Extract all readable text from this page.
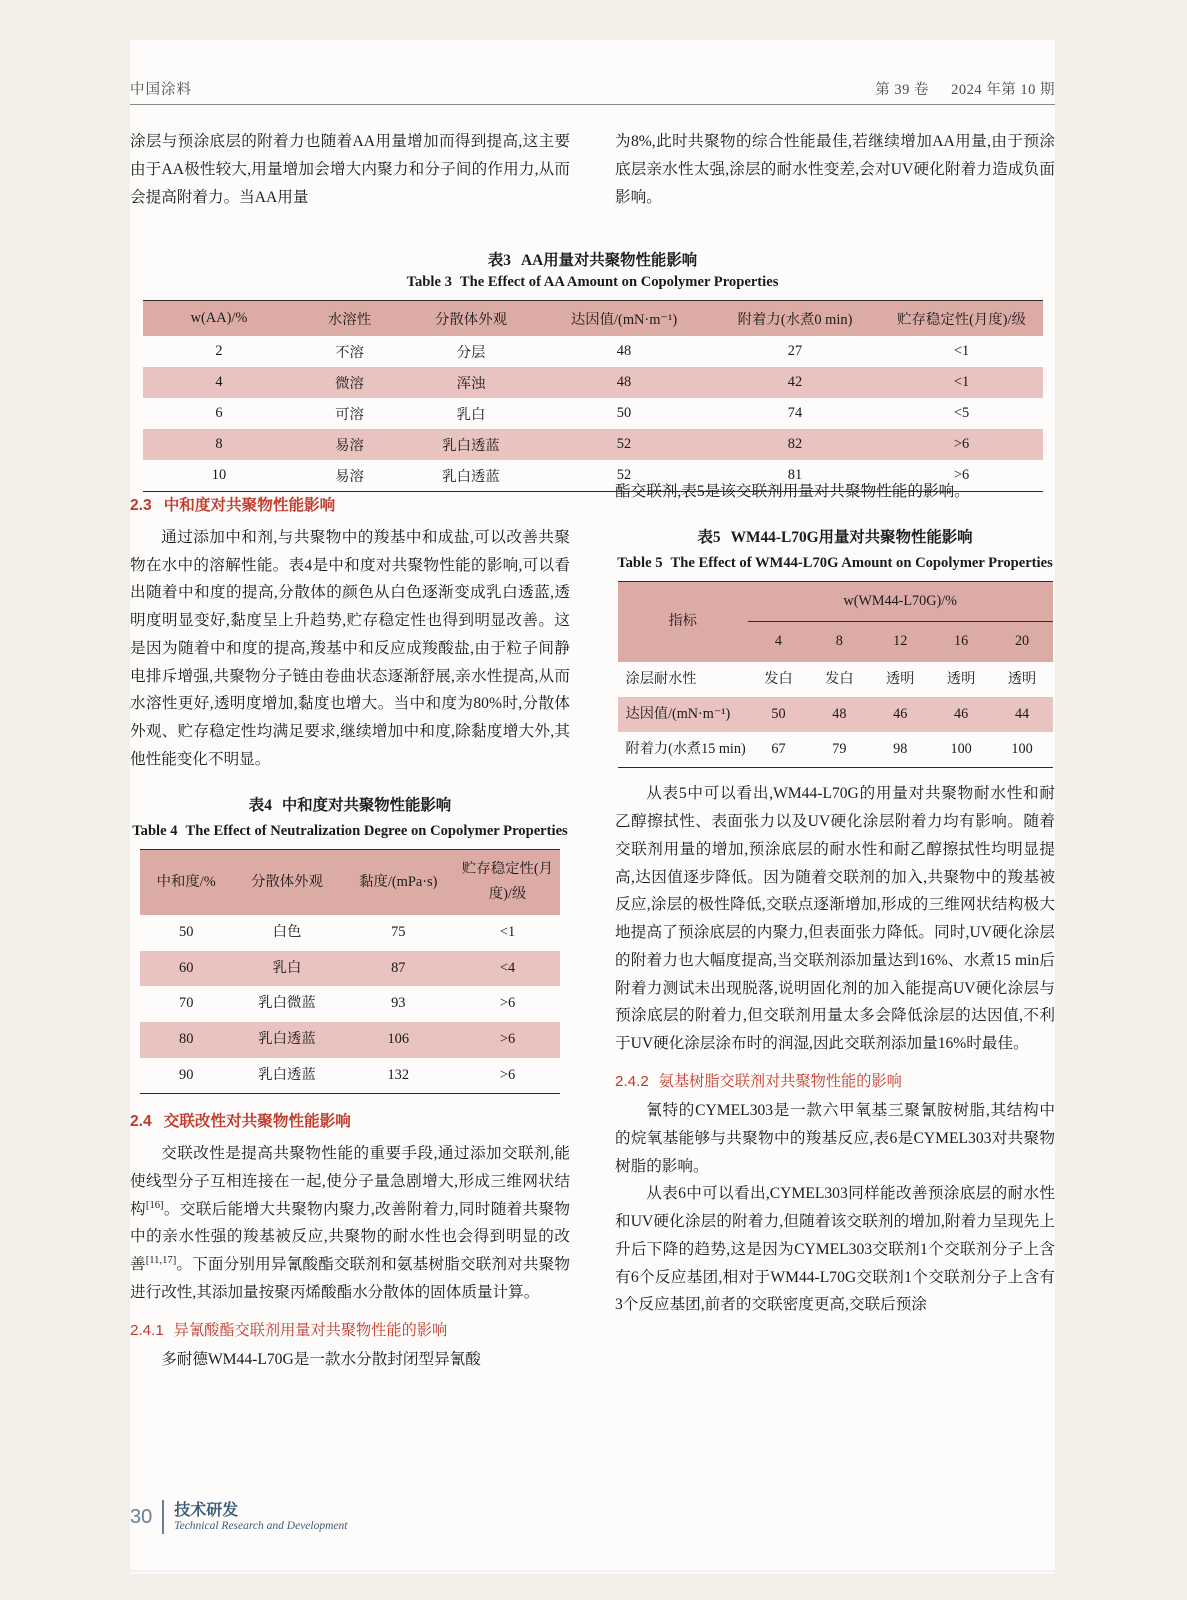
中国涂料	第 39 卷 2024 年第 10 期

涂层与预涂底层的附着力也随着AA用量增加而得到提高,这主要由于AA极性较大,用量增加会增大内聚力和分子间的作用力,从而会提高附着力。当AA用量

为8%,此时共聚物的综合性能最佳,若继续增加AA用量,由于预涂底层亲水性太强,涂层的耐水性变差,会对UV硬化附着力造成负面影响。

表3 AA用量对共聚物性能影响
Table 3 The Effect of AA Amount on Copolymer Properties
w(AA)/%	水溶性	分散体外观	达因值/(mN·m⁻¹)	附着力(水煮0 min)	贮存稳定性(月度)/级
2	不溶	分层	48	27	<1
4	微溶	浑浊	48	42	<1
6	可溶	乳白	50	74	<5
8	易溶	乳白透蓝	52	82	>6
10	易溶	乳白透蓝	52	81	>6
2.3 中和度对共聚物性能影响

通过添加中和剂,与共聚物中的羧基中和成盐,可以改善共聚物在水中的溶解性能。表4是中和度对共聚物性能的影响,可以看出随着中和度的提高,分散体的颜色从白色逐渐变成乳白透蓝,透明度明显变好,黏度呈上升趋势,贮存稳定性也得到明显改善。这是因为随着中和度的提高,羧基中和反应成羧酸盐,由于粒子间静电排斥增强,共聚物分子链由卷曲状态逐渐舒展,亲水性提高,从而水溶性更好,透明度增加,黏度也增大。当中和度为80%时,分散体外观、贮存稳定性均满足要求,继续增加中和度,除黏度增大外,其他性能变化不明显。

表4 中和度对共聚物性能影响
Table 4 The Effect of Neutralization Degree on Copolymer Properties
中和度/%	分散体外观	黏度/(mPa·s)	贮存稳定性(月度)/级
50	白色	75	<1
60	乳白	87	<4
70	乳白微蓝	93	>6
80	乳白透蓝	106	>6
90	乳白透蓝	132	>6
2.4 交联改性对共聚物性能影响

交联改性是提高共聚物性能的重要手段,通过添加交联剂,能使线型分子互相连接在一起,使分子量急剧增大,形成三维网状结构[16]。交联后能增大共聚物内聚力,改善附着力,同时随着共聚物中的亲水性强的羧基被反应,共聚物的耐水性也会得到明显的改善[11,17]。下面分别用异氰酸酯交联剂和氨基树脂交联剂对共聚物进行改性,其添加量按聚丙烯酸酯水分散体的固体质量计算。

2.4.1 异氰酸酯交联剂用量对共聚物性能的影响

多耐德WM44-L70G是一款水分散封闭型异氰酸

酯交联剂,表5是该交联剂用量对共聚物性能的影响。

表5 WM44-L70G用量对共聚物性能影响
Table 5 The Effect of WM44-L70G Amount on Copolymer Properties
指标	w(WM44-L70G)/%				
	4	8	12	16	20
涂层耐水性	发白	发白	透明	透明	透明
达因值/(mN·m⁻¹)	50	48	46	46	44
附着力(水煮15 min)	67	79	98	100	100

从表5中可以看出,WM44-L70G的用量对共聚物耐水性和耐乙醇擦拭性、表面张力以及UV硬化涂层附着力均有影响。随着交联剂用量的增加,预涂底层的耐水性和耐乙醇擦拭性均明显提高,达因值逐步降低。因为随着交联剂的加入,共聚物中的羧基被反应,涂层的极性降低,交联点逐渐增加,形成的三维网状结构极大地提高了预涂底层的内聚力,但表面张力降低。同时,UV硬化涂层的附着力也大幅度提高,当交联剂添加量达到16%、水煮15 min后附着力测试未出现脱落,说明固化剂的加入能提高UV硬化涂层与预涂底层的附着力,但交联剂用量太多会降低涂层的达因值,不利于UV硬化涂层涂布时的润湿,因此交联剂添加量16%时最佳。

2.4.2 氨基树脂交联剂对共聚物性能的影响

氰特的CYMEL303是一款六甲氧基三聚氰胺树脂,其结构中的烷氧基能够与共聚物中的羧基反应,表6是CYMEL303对共聚物树脂的影响。

从表6中可以看出,CYMEL303同样能改善预涂底层的耐水性和UV硬化涂层的附着力,但随着该交联剂的增加,附着力呈现先上升后下降的趋势,这是因为CYMEL303交联剂1个交联剂分子上含有6个反应基团,相对于WM44-L70G交联剂1个交联剂分子上含有3个反应基团,前者的交联密度更高,交联后预涂

30 技术研发
Technical Research and Development
